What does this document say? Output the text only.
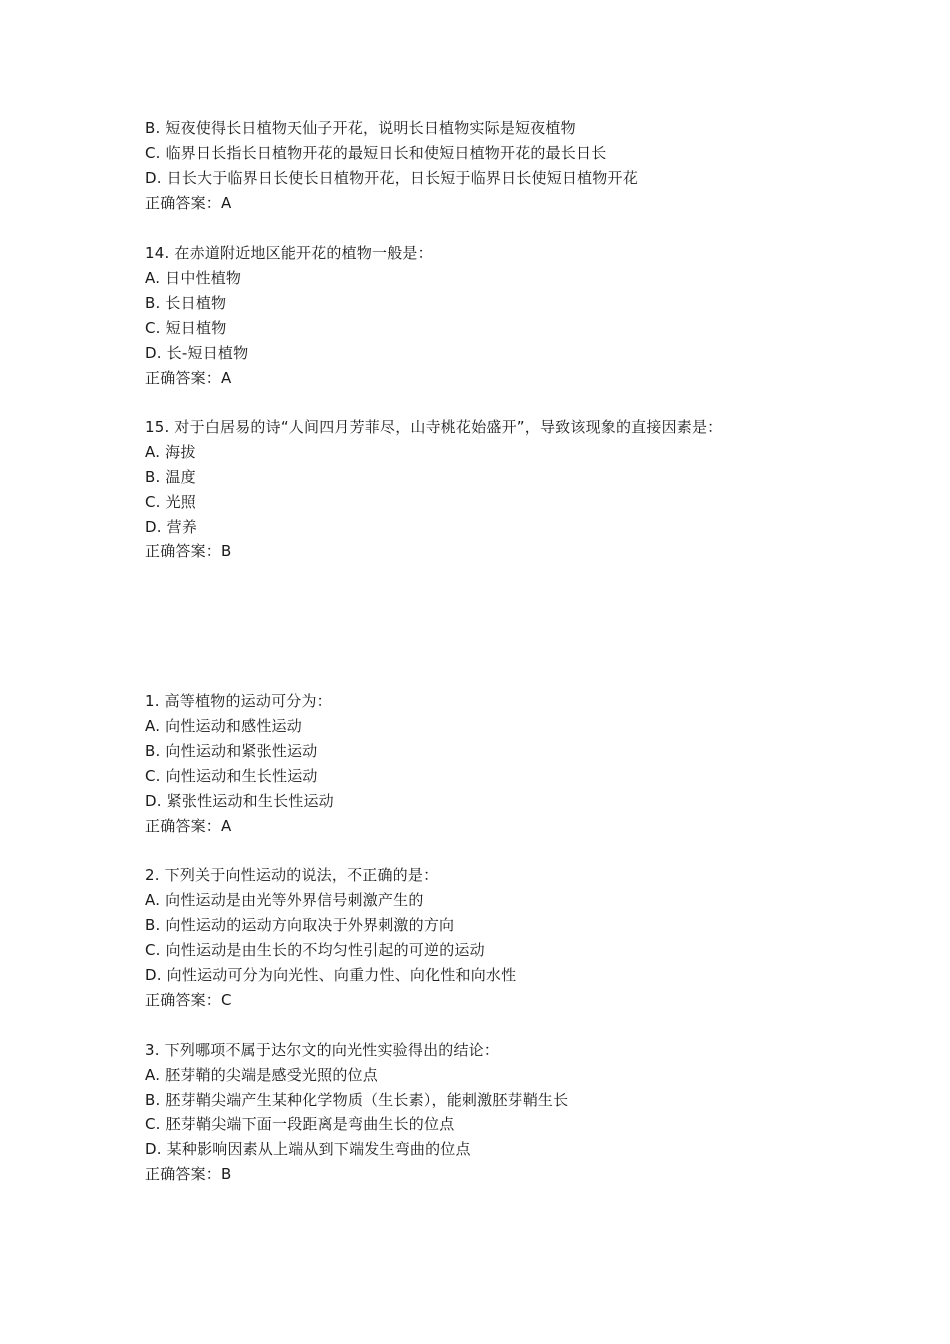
B. 短夜使得长日植物天仙子开花，说明长日植物实际是短夜植物
C. 临界日长指长日植物开花的最短日长和使短日植物开花的最长日长
D. 日长大于临界日长使长日植物开花，日长短于临界日长使短日植物开花
正确答案：A
14. 在赤道附近地区能开花的植物一般是：
A. 日中性植物
B. 长日植物
C. 短日植物
D. 长-短日植物
正确答案：A
15. 对于白居易的诗“人间四月芳菲尽，山寺桃花始盛开”，导致该现象的直接因素是：
A. 海拔
B. 温度
C. 光照
D. 营养
正确答案：B
1. 高等植物的运动可分为：
A. 向性运动和感性运动
B. 向性运动和紧张性运动
C. 向性运动和生长性运动
D. 紧张性运动和生长性运动
正确答案：A
2. 下列关于向性运动的说法，不正确的是：
A. 向性运动是由光等外界信号刺激产生的
B. 向性运动的运动方向取决于外界刺激的方向
C. 向性运动是由生长的不均匀性引起的可逆的运动
D. 向性运动可分为向光性、向重力性、向化性和向水性
正确答案：C
3. 下列哪项不属于达尔文的向光性实验得出的结论：
A. 胚芽鞘的尖端是感受光照的位点
B. 胚芽鞘尖端产生某种化学物质（生长素），能刺激胚芽鞘生长
C. 胚芽鞘尖端下面一段距离是弯曲生长的位点
D. 某种影响因素从上端从到下端发生弯曲的位点
正确答案：B
